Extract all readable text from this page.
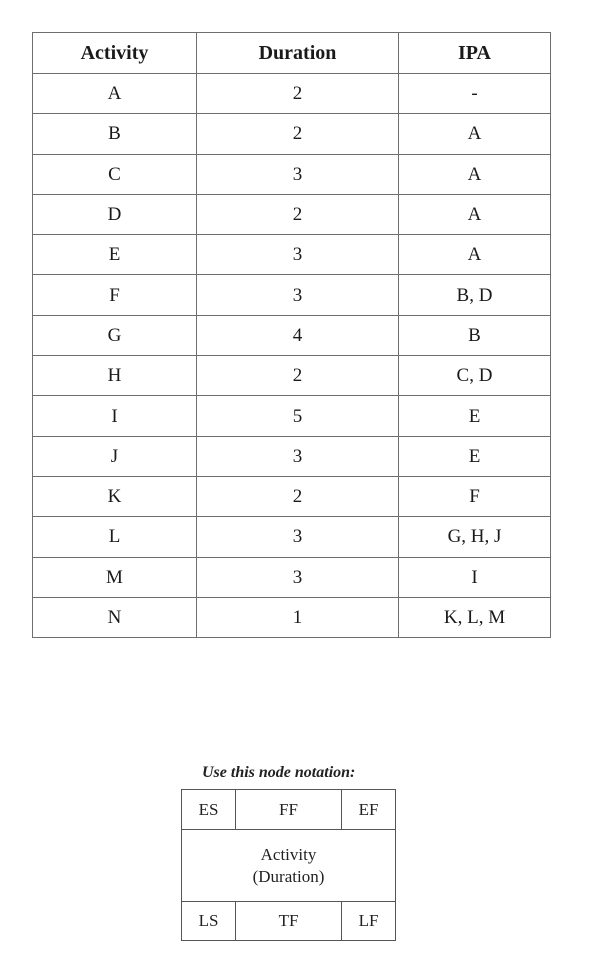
Activity	Duration	IPA
A	2	-
B	2	A
C	3	A
D	2	A
E	3	A
F	3	B, D
G	4	B
H	2	C, D
I	5	E
J	3	E
K	2	F
L	3	G, H, J
M	3	I
N	1	K, L, M
Use this node notation:
ES	FF	EF
Activity
(Duration)
LS	TF	LF
